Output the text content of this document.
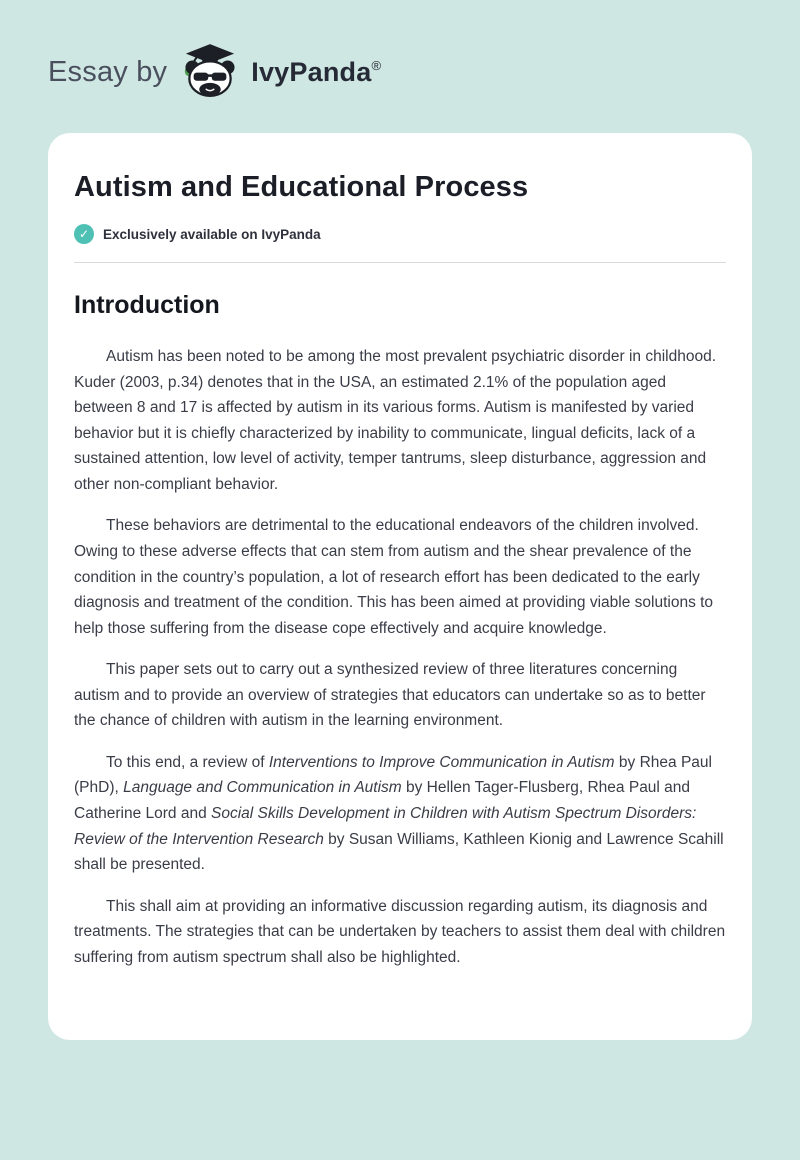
Essay by	IvyPanda ®
Autism and Educational Process
✓	Exclusively available on IvyPanda
Introduction

Autism has been noted to be among the most prevalent psychiatric disorder in childhood. Kuder (2003, p.34) denotes that in the USA, an estimated 2.1% of the population aged between 8 and 17 is affected by autism in its various forms. Autism is manifested by varied behavior but it is chiefly characterized by inability to communicate, lingual deficits, lack of a sustained attention, low level of activity, temper tantrums, sleep disturbance, aggression and other non-compliant behavior.

These behaviors are detrimental to the educational endeavors of the children involved. Owing to these adverse effects that can stem from autism and the shear prevalence of the condition in the country’s population, a lot of research effort has been dedicated to the early diagnosis and treatment of the condition. This has been aimed at providing viable solutions to help those suffering from the disease cope effectively and acquire knowledge.

This paper sets out to carry out a synthesized review of three literatures concerning autism and to provide an overview of strategies that educators can undertake so as to better the chance of children with autism in the learning environment.

To this end, a review of Interventions to Improve Communication in Autism by Rhea Paul (PhD), Language and Communication in Autism by Hellen Tager-Flusberg, Rhea Paul and Catherine Lord and Social Skills Development in Children with Autism Spectrum Disorders: Review of the Intervention Research by Susan Williams, Kathleen Kionig and Lawrence Scahill shall be presented.

This shall aim at providing an informative discussion regarding autism, its diagnosis and treatments. The strategies that can be undertaken by teachers to assist them deal with children suffering from autism spectrum shall also be highlighted.
